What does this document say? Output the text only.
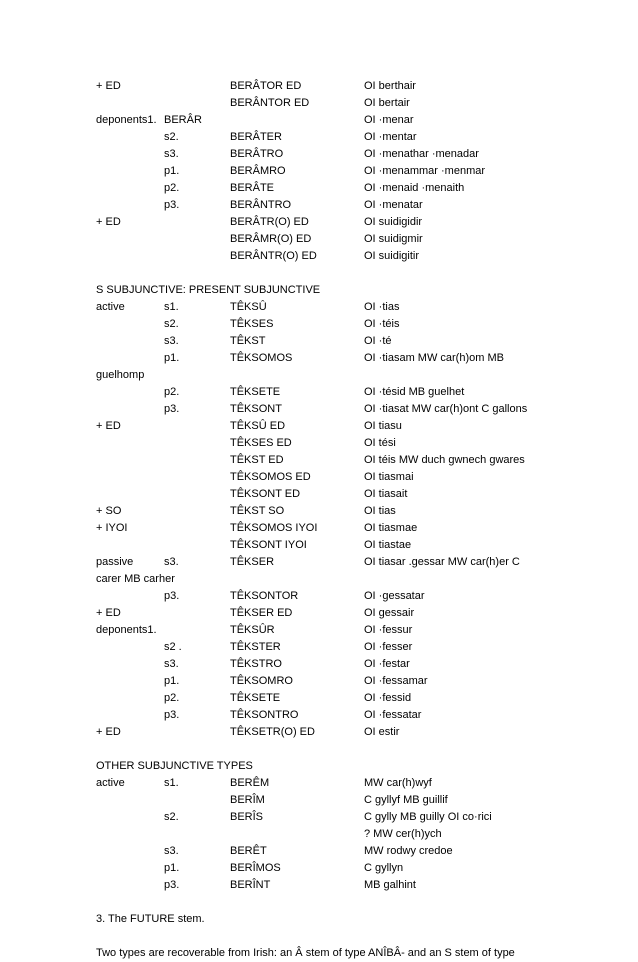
+ ED	BERÂTOR ED	OI berthair
BERÂNTOR ED	OI bertair
deponents1. BERÂR	OI ·menar
s2.	BERÂTER	OI ·mentar
s3.	BERÂTRO	OI ·menathar ·menadar
p1.	BERÂMRO	OI ·menammar ·menmar
p2.	BERÂTE	OI ·menaid ·menaith
p3.	BERÂNTRO	OI ·menatar
+ ED	BERÂTR(O) ED	OI suidigidir
BERÂMR(O) ED	OI suidigmir
BERÂNTR(O) ED	OI suidigitir
S SUBJUNCTIVE: PRESENT SUBJUNCTIVE
active	s1.	TÊKSÛ	OI ·tias
s2.	TÊKSES	OI ·téis
s3.	TÊKST	OI ·té
p1.	TÊKSOMOS	OI ·tiasam MW car(h)om MB
guelhomp
p2.	TÊKSETE	OI ·tésid MB guelhet
p3.	TÊKSONT	OI ·tiasat MW car(h)ont C gallons
+ ED	TÊKSÛ ED	OI tiasu
TÊKSES ED	OI tési
TÊKST ED	OI téis MW duch gwnech gwares
TÊKSOMOS ED	OI tiasmai
TÊKSONT ED	OI tiasait
+ SO	TÊKST SO	OI tias
+ IYOI	TÊKSOMOS IYOI	OI tiasmae
TÊKSONT IYOI	OI tiastae
passive	s3.	TÊKSER	OI tiasar .gessar MW car(h)er C
carer MB carher
p3.	TÊKSONTOR	OI ·gessatar
+ ED	TÊKSER ED	OI gessair
deponents1.	TÊKSÛR	OI ·fessur
s2 .	TÊKSTER	OI ·fesser
s3.	TÊKSTRO	OI ·festar
p1.	TÊKSOMRO	OI ·fessamar
p2.	TÊKSETE	OI ·fessid
p3.	TÊKSONTRO	OI ·fessatar
+ ED	TÊKSETR(O) ED	OI estir
OTHER SUBJUNCTIVE TYPES
active	s1.	BERÊM	MW car(h)wyf
BERÎM	C gyllyf MB guillif
s2.	BERÎS	C gylly MB guilly OI co·rici
? MW cer(h)ych
s3.	BERÊT	MW rodwy credoe
p1.	BERÎMOS	C gyllyn
p3.	BERÎNT	MB galhint
3. The FUTURE stem.
Two types are recoverable from Irish: an Â stem of type ANÎBÂ- and an S stem of type
